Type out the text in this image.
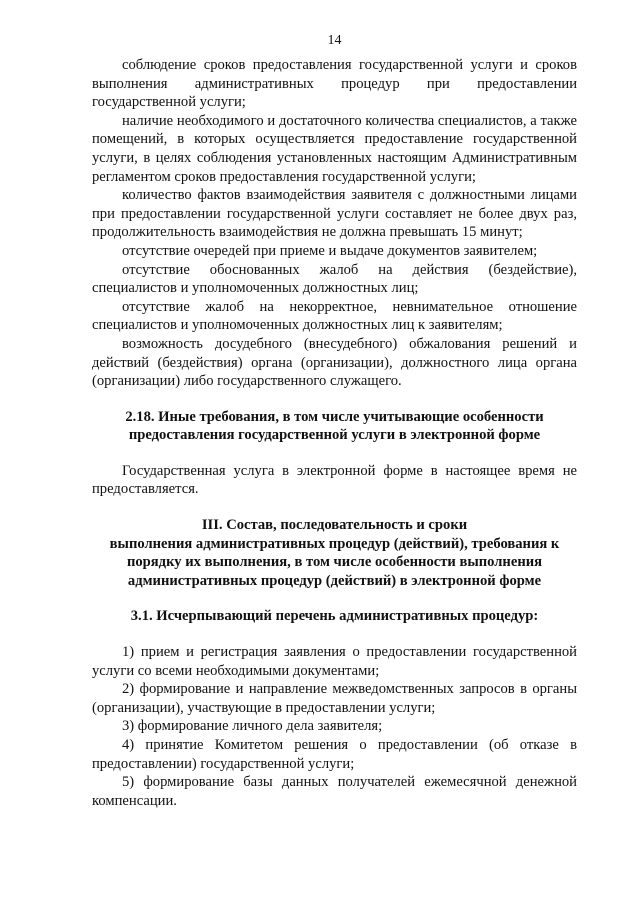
14

соблюдение сроков предоставления государственной услуги и сроков выполнения административных процедур при предоставлении государственной услуги;

наличие необходимого и достаточного количества специалистов, а также помещений, в которых осуществляется предоставление государственной услуги, в целях соблюдения установленных настоящим Административным регламентом сроков предоставления государственной услуги;

количество фактов взаимодействия заявителя с должностными лицами при предоставлении государственной услуги составляет не более двух раз, продолжительность взаимодействия не должна превышать 15 минут;

отсутствие очередей при приеме и выдаче документов заявителем;

отсутствие обоснованных жалоб на действия (бездействие), специалистов и уполномоченных должностных лиц;

отсутствие жалоб на некорректное, невнимательное отношение специалистов и уполномоченных должностных лиц к заявителям;

возможность досудебного (внесудебного) обжалования решений и действий (бездействия) органа (организации), должностного лица органа (организации) либо государственного служащего.

2.18. Иные требования, в том числе учитывающие особенности

предоставления государственной услуги в электронной форме

Государственная услуга в электронной форме в настоящее время не предоставляется.

III. Состав, последовательность и сроки

выполнения административных процедур (действий), требования к

порядку их выполнения, в том числе особенности выполнения

административных процедур (действий) в электронной форме

3.1. Исчерпывающий перечень административных процедур:

1) прием и регистрация заявления о предоставлении государственной услуги со всеми необходимыми документами;

2) формирование и направление межведомственных запросов в органы (организации), участвующие в предоставлении услуги;

3) формирование личного дела заявителя;

4) принятие Комитетом решения о предоставлении (об отказе в предоставлении) государственной услуги;

5) формирование базы данных получателей ежемесячной денежной компенсации.
